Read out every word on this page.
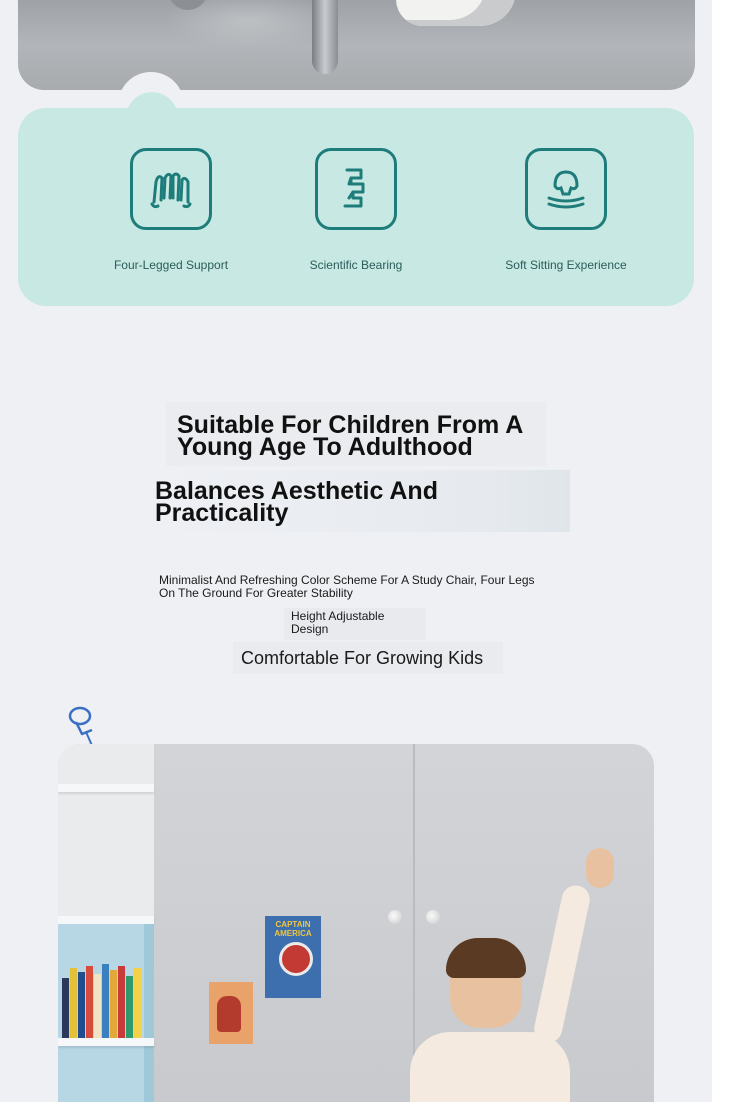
Four-Legged Support	Scientific Bearing	Soft Sitting Experience
Suitable For Children From A Young Age To Adulthood
Balances Aesthetic And Practicality
Minimalist And Refreshing Color Scheme For A Study Chair, Four Legs On The Ground For Greater Stability
Height Adjustable Design
Comfortable For Growing Kids
CAPTAIN AMERICA
